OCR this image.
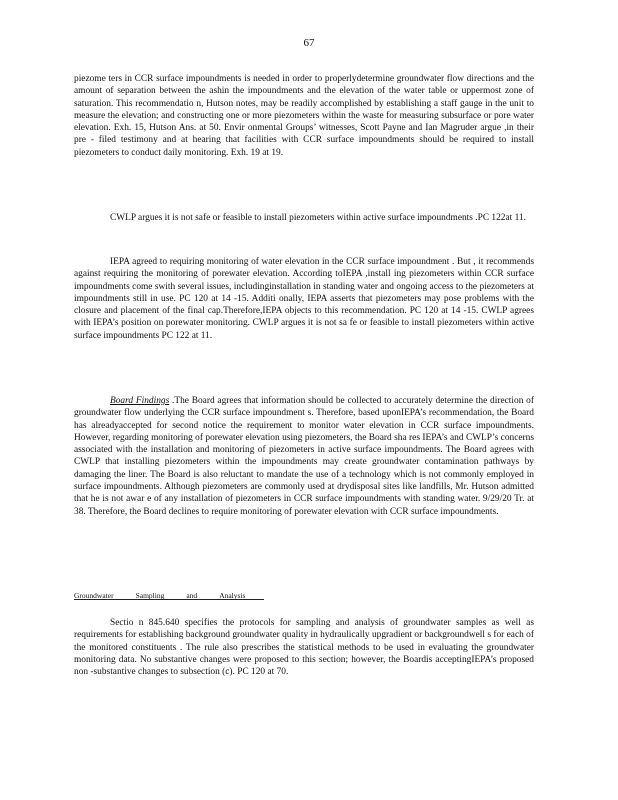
67

piezome ters in CCR surface impoundments is needed in order to properlydetermine groundwater flow directions and the amount of separation between the ashin the impoundments and the elevation of the water table or uppermost zone of saturation. This recommendatio n, Hutson notes, may be readily accomplished by establishing a staff gauge in the unit to measure the elevation; and constructing one or more piezometers within the waste for measuring subsurface or pore water elevation. Exh. 15, Hutson Ans. at 50. Envir onmental Groups’ witnesses, Scott Payne and Ian Magruder argue ,in their pre - filed testimony and at hearing that facilities with CCR surface impoundments should be required to install piezometers to conduct daily monitoring. Exh. 19 at 19.

CWLP argues it is not safe or feasible to install piezometers within active surface impoundments .PC 122at 11.

IEPA agreed to requiring monitoring of water elevation in the CCR surface impoundment . But , it recommends against requiring the monitoring of porewater elevation. According toIEPA ,install ing piezometers within CCR surface impoundments come swith several issues, includinginstallation in standing water and ongoing access to the piezometers at impoundments still in use. PC 120 at 14 -15. Additi onally, IEPA asserts that piezometers may pose problems with the closure and placement of the final cap.Therefore,IEPA objects to this recommendation. PC 120 at 14 -15. CWLP agrees with IEPA’s position on porewater monitoring. CWLP argues it is not sa fe or feasible to install piezometers within active surface impoundments PC 122 at 11.

Board Findings .The Board agrees that information should be collected to accurately determine the direction of groundwater flow underlying the CCR surface impoundment s. Therefore, based uponIEPA’s recommendation, the Board has alreadyaccepted for second notice the requirement to monitor water elevation in CCR surface impoundments. However, regarding monitoring of porewater elevation using piezometers, the Board sha res IEPA’s and CWLP’s concerns associated with the installation and monitoring of piezometers in active surface impoundments. The Board agrees with CWLP that installing piezometers within the impoundments may create groundwater contamination pathways by damaging the liner. The Board is also reluctant to mandate the use of a technology which is not commonly employed in surface impoundments. Although piezometers are commonly used at drydisposal sites like landfills, Mr. Hutson admitted that he is not awar e of any installation of piezometers in CCR surface impoundments with standing water. 9/29/20 Tr. at 38. Therefore, the Board declines to require monitoring of porewater elevation with CCR surface impoundments.

Groundwater	Sampling	and	Analysis

Sectio n 845.640 specifies the protocols for sampling and analysis of groundwater samples as well as requirements for establishing background groundwater quality in hydraulically upgradient or backgroundwell s for each of the monitored constituents . The rule also prescribes the statistical methods to be used in evaluating the groundwater monitoring data. No substantive changes were proposed to this section; however, the Boardis acceptingIEPA’s proposed non -substantive changes to subsection (c). PC 120 at 70.
